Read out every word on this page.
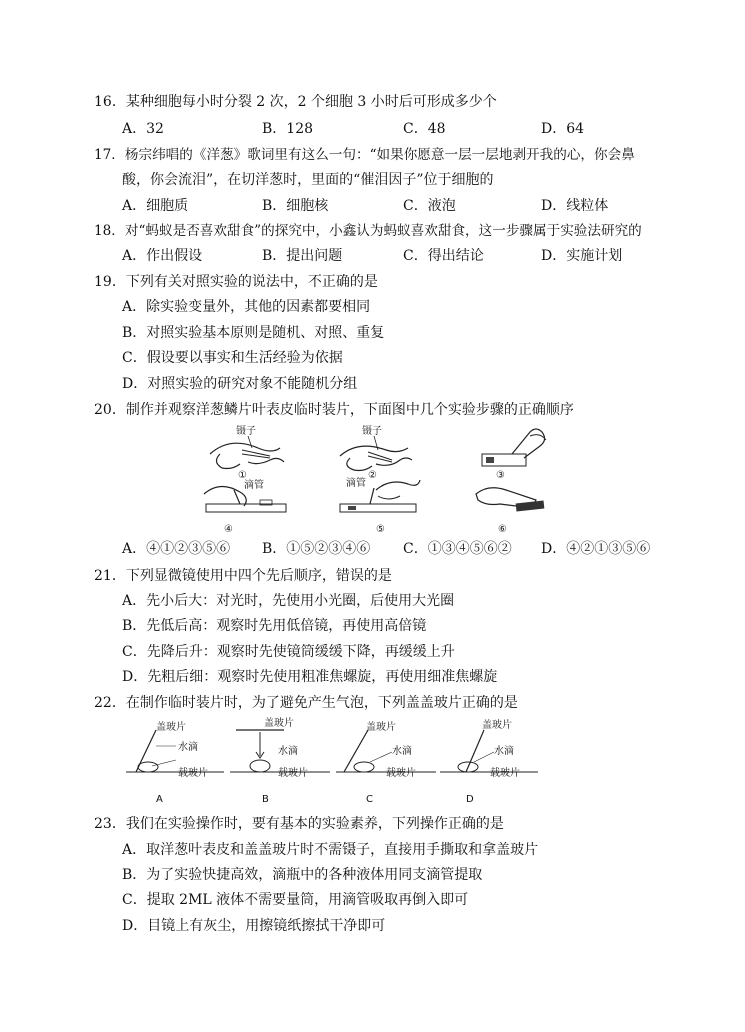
16．某种细胞每小时分裂 2 次，2 个细胞 3 小时后可形成多少个
A．32	B．128	C．48	D．64
17．杨宗纬唱的《洋葱》歌词里有这么一句：“如果你愿意一层一层地剥开我的心，你会鼻
酸，你会流泪”，在切洋葱时，里面的“催泪因子”位于细胞的
A．细胞质	B．细胞核	C．液泡	D．线粒体
18．对“蚂蚁是否喜欢甜食”的探究中，小鑫认为蚂蚁喜欢甜食，这一步骤属于实验法研究的
A．作出假设	B．提出问题	C．得出结论	D．实施计划
19．下列有关对照实验的说法中，不正确的是
A．除实验变量外，其他的因素都要相同
B．对照实验基本原则是随机、对照、重复
C．假设要以事实和生活经验为依据
D．对照实验的研究对象不能随机分组
20．制作并观察洋葱鳞片叶表皮临时装片，下面图中几个实验步骤的正确顺序
镊子
①
镊子
②	③
滴管
④
滴管
⑤	⑥
A．④①②③⑤⑥ B．①⑤②③④⑥ C．①③④⑤⑥② D．④②①③⑤⑥
21．下列显微镜使用中四个先后顺序，错误的是
A．先小后大：对光时，先使用小光圈，后使用大光圈
B．先低后高：观察时先用低倍镜，再使用高倍镜
C．先降后升：观察时先使镜筒缓缓下降，再缓缓上升
D．先粗后细：观察时先使用粗准焦螺旋，再使用细准焦螺旋
22．在制作临时装片时，为了避免产生气泡，下列盖盖玻片正确的是
盖玻片
水滴
载玻片
A
盖玻片
水滴
载玻片
B
盖玻片
水滴
载玻片
C
盖玻片
水滴
载玻片
D
23．我们在实验操作时，要有基本的实验素养，下列操作正确的是
A．取洋葱叶表皮和盖盖玻片时不需镊子，直接用手撕取和拿盖玻片
B．为了实验快捷高效，滴瓶中的各种液体用同支滴管提取
C．提取 2ML 液体不需要量筒，用滴管吸取再倒入即可
D．目镜上有灰尘，用擦镜纸擦拭干净即可
